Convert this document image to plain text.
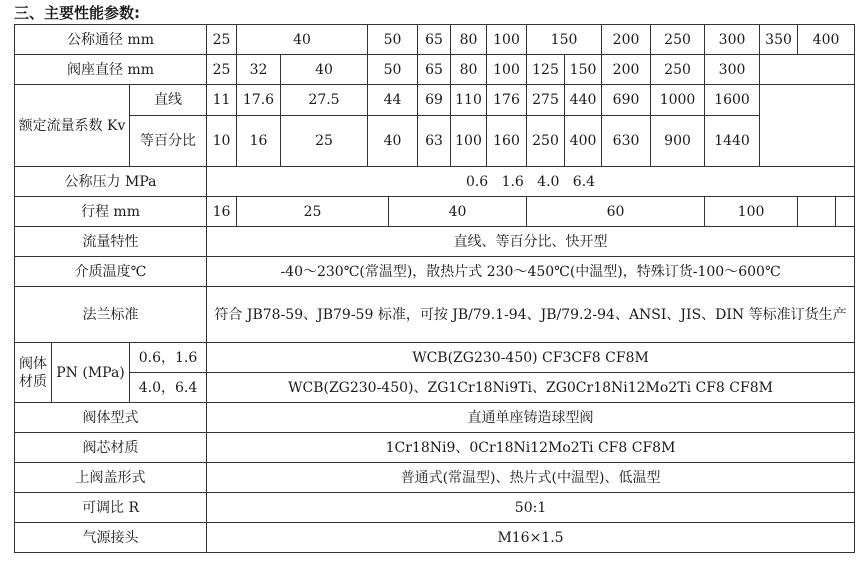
三、主要性能参数:
公称通径 mm			25	40		50		65	80	100	150		200	250	300	350	400	
阀座直径 mm			25	32	40	50		65	80	100	125	150	200	250	300			
额定流量系数 Kv		直线	11	17.6	27.5	44		69	110	176	275	440	690	1000	1600			
		等百分比	10	16	25	40		63	100	160	250	400	630	900	1440			
公称压力 MPa			0.6   1.6   4.0   6.4															
行程 mm			16	25			40				60				100			
流量特性			直线、等百分比、快开型															
介质温度℃			-40～230℃(常温型)，散热片式 230～450℃(中温型)，特殊订货-100～600℃															
法兰标准			符合 JB78-59、JB79-59 标准，可按 JB/79.1-94、JB/79.2-94、ANSI、JIS、DIN 等标准订货生产															
阀体材质	PN (MPa)	0.6，1.6	WCB(ZG230-450) CF3CF8 CF8M															
		4.0，6.4	WCB(ZG230-450)、ZG1Cr18Ni9Ti、ZG0Cr18Ni12Mo2Ti CF8 CF8M															
阀体型式			直通单座铸造球型阀															
阀芯材质			1Cr18Ni9、0Cr18Ni12Mo2Ti CF8 CF8M															
上阀盖形式			普通式(常温型)、热片式(中温型)、低温型															
可调比 R			50:1															
气源接头			M16×1.5															
